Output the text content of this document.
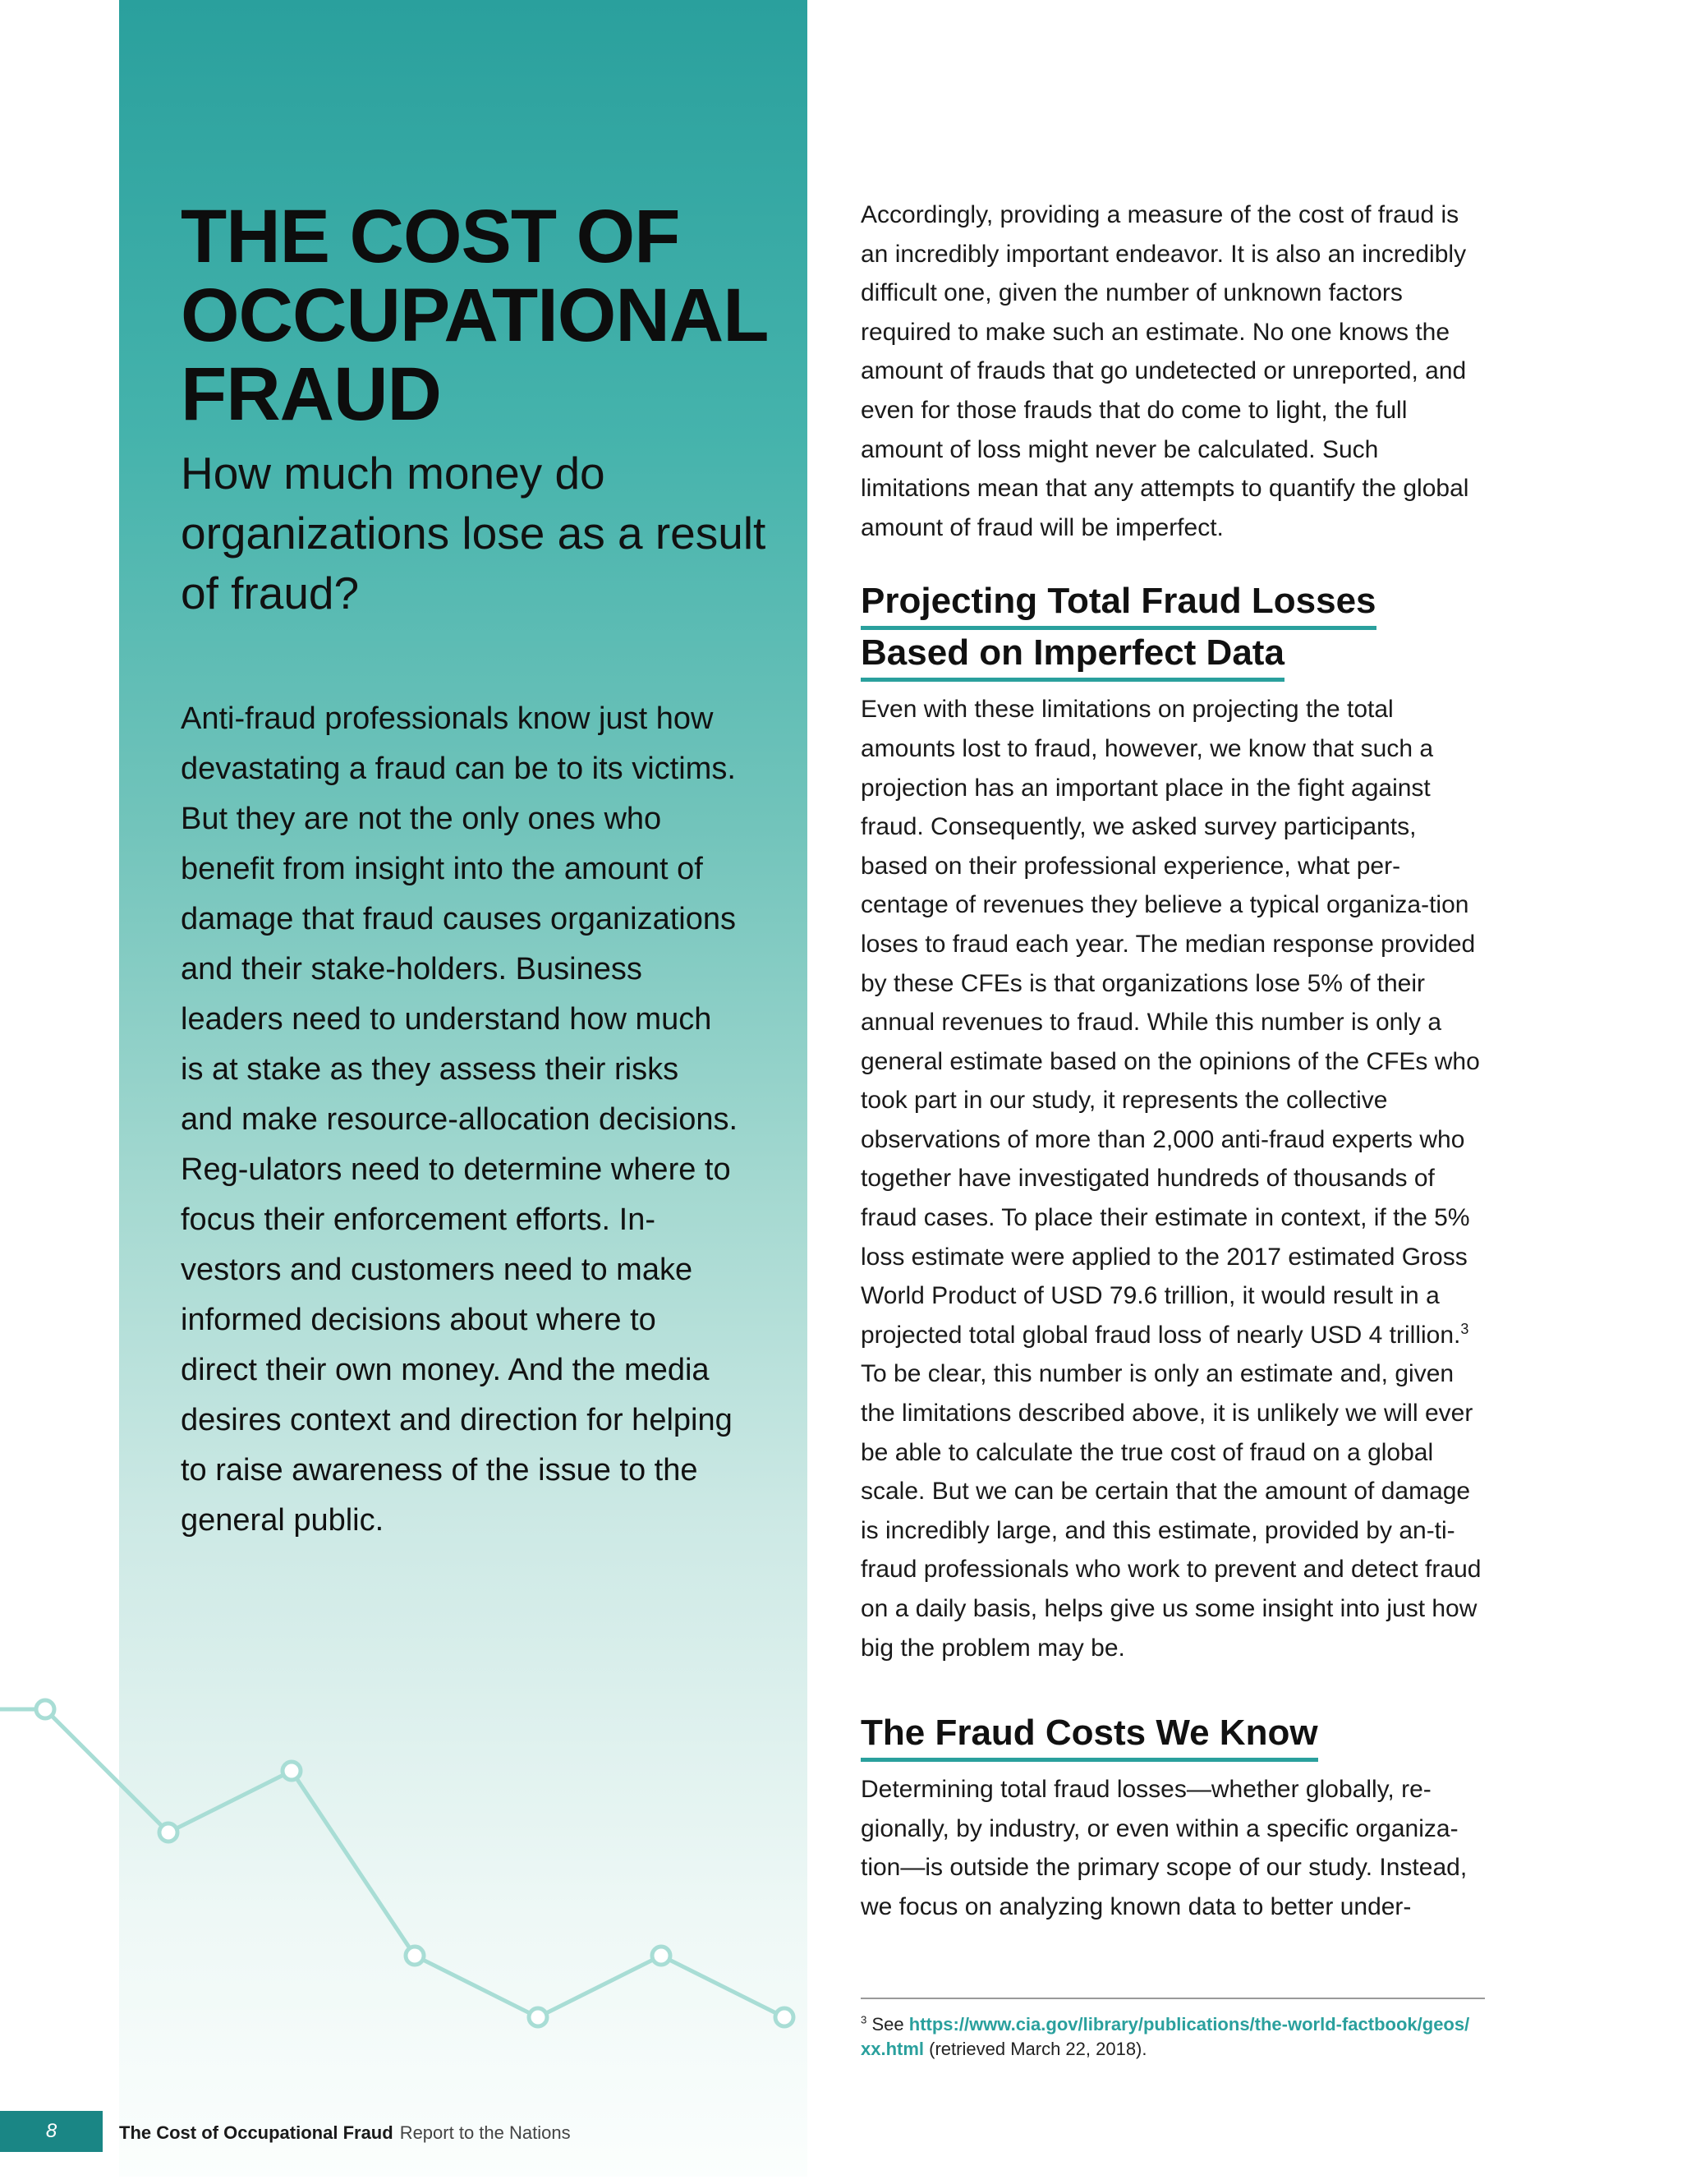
THE COST OF
OCCUPATIONAL
FRAUD
How much money do organizations lose as a result of fraud?

Anti-fraud professionals know just how devastating a fraud can be to its victims. But they are not the only ones who benefit from insight into the amount of damage that fraud causes organizations and their stake-holders. Business leaders need to understand how much is at stake as they assess their risks and make resource-allocation decisions. Reg-ulators need to determine where to focus their enforcement efforts. In-vestors and customers need to make informed decisions about where to direct their own money. And the media desires context and direction for helping to raise awareness of the issue to the general public.

Accordingly, providing a measure of the cost of fraud is an incredibly important endeavor. It is also an incredibly difficult one, given the number of unknown factors required to make such an estimate. No one knows the amount of frauds that go undetected or unreported, and even for those frauds that do come to light, the full amount of loss might never be calculated. Such limitations mean that any attempts to quantify the global amount of fraud will be imperfect.

Projecting Total Fraud Losses
Based on Imperfect Data

Even with these limitations on projecting the total amounts lost to fraud, however, we know that such a projection has an important place in the fight against fraud. Consequently, we asked survey participants, based on their professional experience, what per-centage of revenues they believe a typical organiza-tion loses to fraud each year. The median response provided by these CFEs is that organizations lose 5% of their annual revenues to fraud. While this number is only a general estimate based on the opinions of the CFEs who took part in our study, it represents the collective observations of more than 2,000 anti-fraud experts who together have investigated hundreds of thousands of fraud cases. To place their estimate in context, if the 5% loss estimate were applied to the 2017 estimated Gross World Product of USD 79.6 trillion, it would result in a projected total global fraud loss of nearly USD 4 trillion.$^3$ To be clear, this number is only an estimate and, given the limitations described above, it is unlikely we will ever be able to calculate the true cost of fraud on a global scale. But we can be certain that the amount of damage is incredibly large, and this estimate, provided by an-ti-fraud professionals who work to prevent and detect fraud on a daily basis, helps give us some insight into just how big the problem may be.

The Fraud Costs We Know

Determining total fraud losses—whether globally, re-gionally, by industry, or even within a specific organiza-tion—is outside the primary scope of our study. Instead, we focus on analyzing known data to better under-

$^3$ See https://www.cia.gov/library/publications/the-world-factbook/geos/
xx.html (retrieved March 22, 2018).
8	The Cost of Occupational Fraud Report to the Nations
